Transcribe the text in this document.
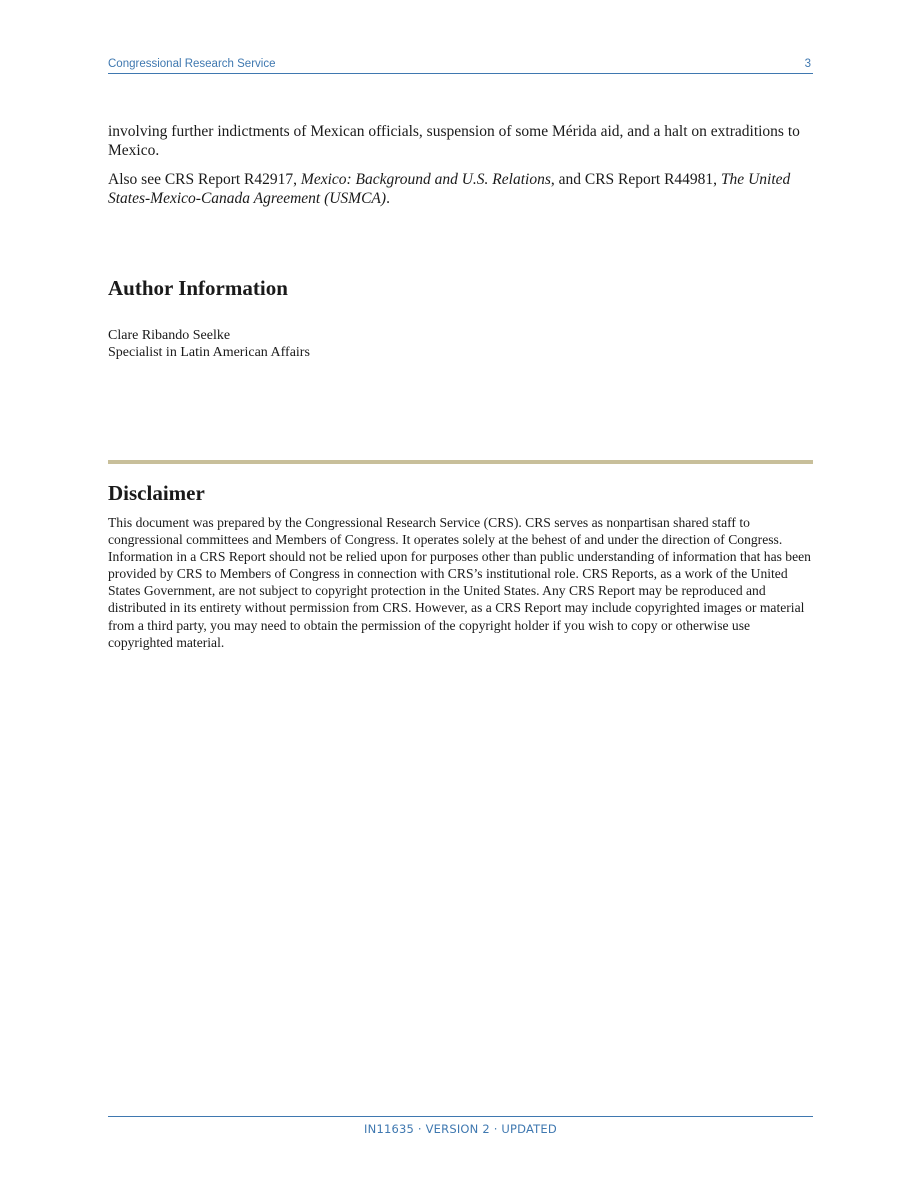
Congressional Research Service	3

involving further indictments of Mexican officials, suspension of some Mérida aid, and a halt on extraditions to Mexico.

Also see CRS Report R42917, Mexico: Background and U.S. Relations, and CRS Report R44981, The United States-Mexico-Canada Agreement (USMCA).

Author Information
Clare Ribando Seelke
Specialist in Latin American Affairs
Disclaimer

This document was prepared by the Congressional Research Service (CRS). CRS serves as nonpartisan shared staff to congressional committees and Members of Congress. It operates solely at the behest of and under the direction of Congress. Information in a CRS Report should not be relied upon for purposes other than public understanding of information that has been provided by CRS to Members of Congress in connection with CRS’s institutional role. CRS Reports, as a work of the United States Government, are not subject to copyright protection in the United States. Any CRS Report may be reproduced and distributed in its entirety without permission from CRS. However, as a CRS Report may include copyrighted images or material from a third party, you may need to obtain the permission of the copyright holder if you wish to copy or otherwise use copyrighted material.

IN11635 · VERSION 2 · UPDATED
